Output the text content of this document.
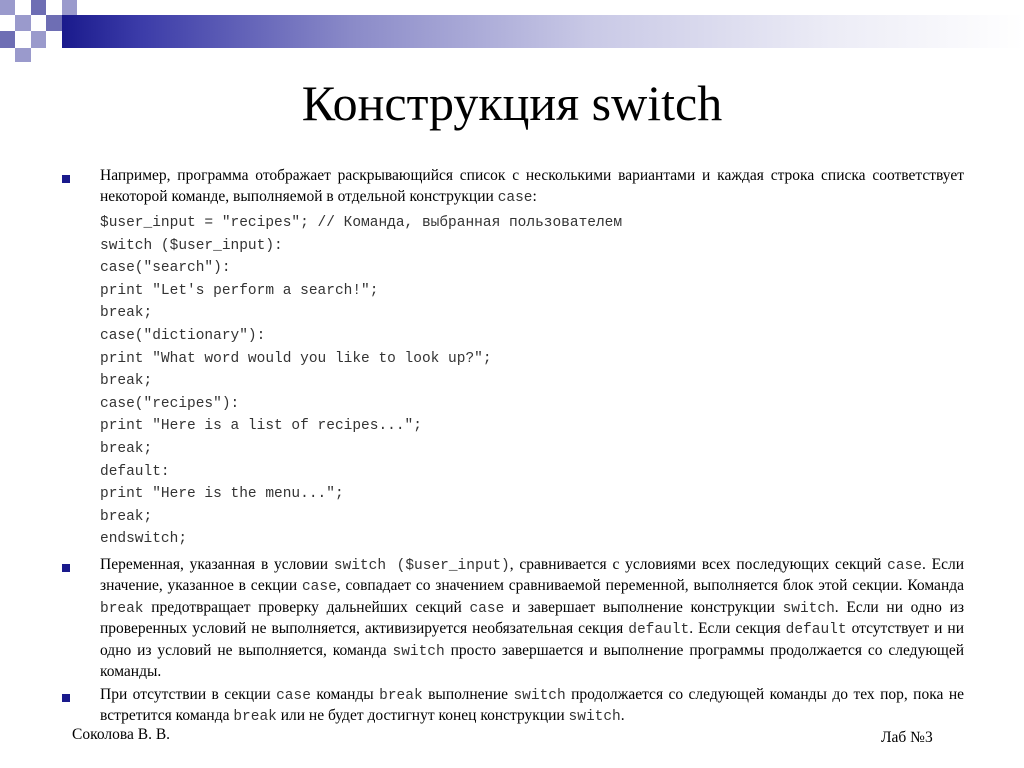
Конструкция switch

Например, программа отображает раскрывающийся список с несколькими вариантами и каждая строка списка соответствует некоторой команде, выполняемой в отдельной конструкции case:

$user_input = "recipes"; // Команда, выбранная пользователем

switch ($user_input):

case("search"):

print "Let's perform a search!";

break;

case("dictionary"):

print "What word would you like to look up?";

break;

case("recipes"):

print "Here is a list of recipes...";

break;

default:

print "Here is the menu...";

break;

endswitch;

Переменная, указанная в условии switch ($user_input), сравнивается с условиями всех последующих секций case. Если значение, указанное в секции case, совпадает со значением сравниваемой переменной, выполняется блок этой секции. Команда break предотвращает проверку дальнейших секций case и завершает выполнение конструкции switch. Если ни одно из проверенных условий не выполняется, активизируется необязательная секция default. Если секция default отсутствует и ни одно из условий не выполняется, команда switch просто завершается и выполнение программы продолжается со следующей команды.

При отсутствии в секции case команды break выполнение switch продолжается со следующей команды до тех пор, пока не встретится команда break или не будет достигнут конец конструкции switch.

Соколова В. В.	Лаб №3
